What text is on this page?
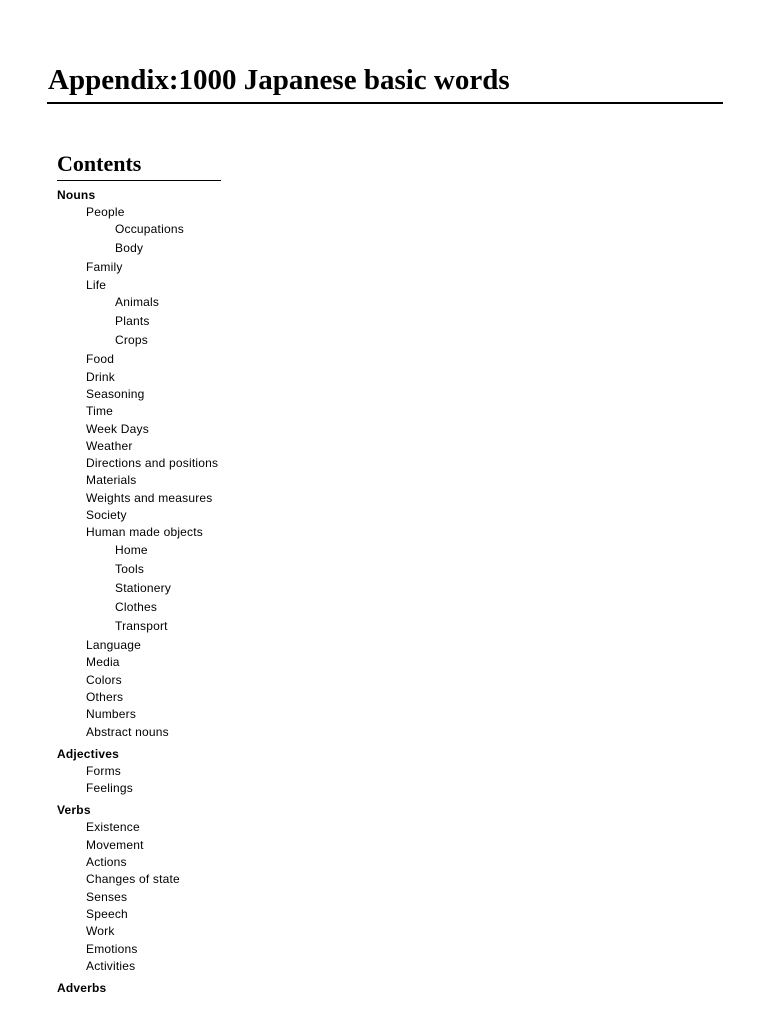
Appendix:1000 Japanese basic words
Contents
Nouns
People
Occupations
Body
Family
Life
Animals
Plants
Crops
Food
Drink
Seasoning
Time
Week Days
Weather
Directions and positions
Materials
Weights and measures
Society
Human made objects
Home
Tools
Stationery
Clothes
Transport
Language
Media
Colors
Others
Numbers
Abstract nouns
Adjectives
Forms
Feelings
Verbs
Existence
Movement
Actions
Changes of state
Senses
Speech
Work
Emotions
Activities
Adverbs
